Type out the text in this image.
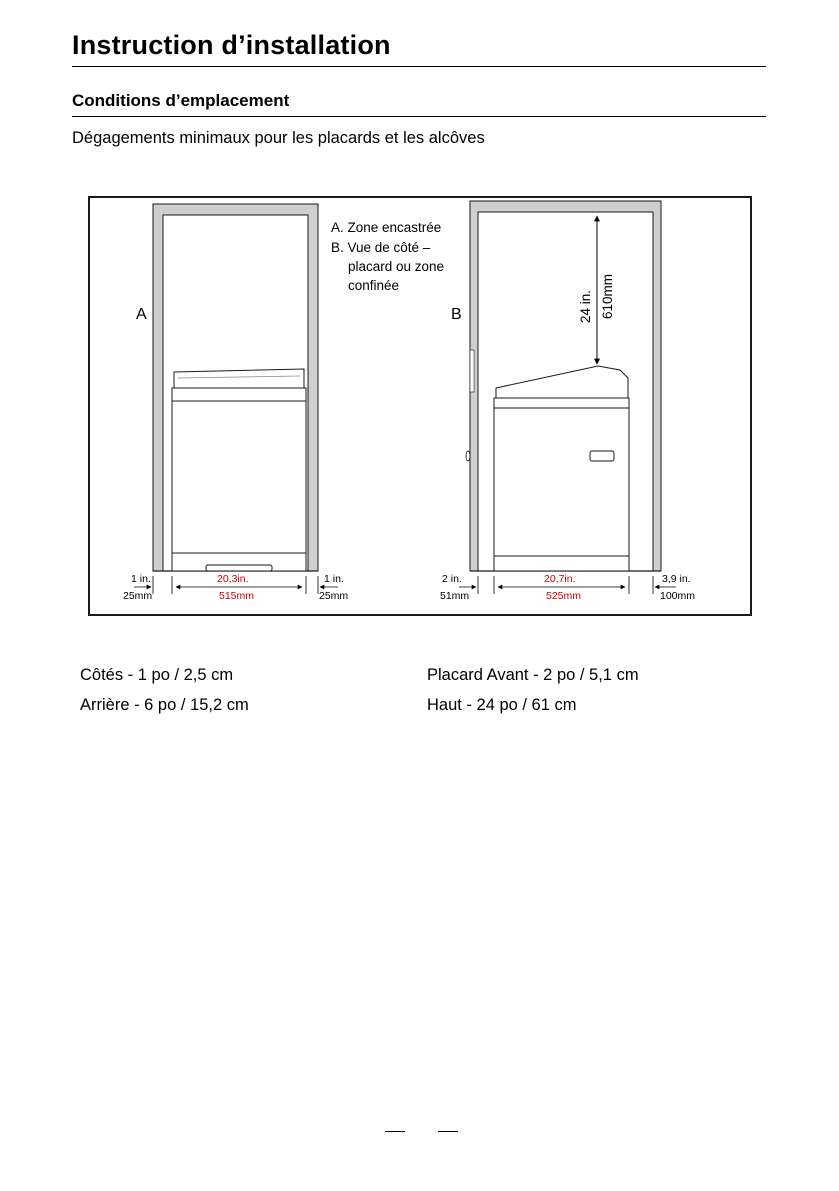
Instruction d’installation
Conditions d’emplacement
Dégagements minimaux pour les placards et les alcôves
A
1 in.
25mm
20,3in.
515mm
1 in.
25mm
A. Zone encastrée
B. Vue de côté –
placard ou zone
confinée
B	24 in. 610mm
2 in.
51mm
20,7in.
525mm
3,9 in.
100mm
Côtés - 1 po / 2,5 cm
Arrière - 6 po / 15,2 cm
Placard Avant - 2 po / 5,1 cm
Haut - 24 po / 61 cm
